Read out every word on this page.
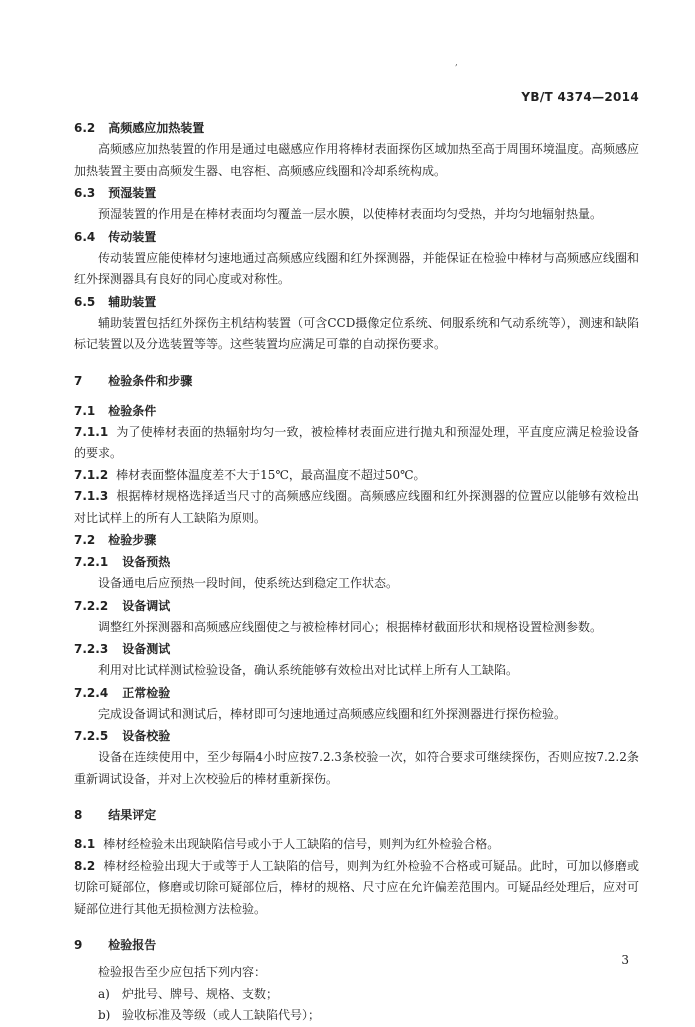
,
YB/T 4374—2014
6.2 高频感应加热装置

高频感应加热装置的作用是通过电磁感应作用将棒材表面探伤区域加热至高于周围环境温度。高频感应加热装置主要由高频发生器、电容柜、高频感应线圈和冷却系统构成。

6.3 预湿装置

预湿装置的作用是在棒材表面均匀覆盖一层水膜，以使棒材表面均匀受热，并均匀地辐射热量。

6.4 传动装置

传动装置应能使棒材匀速地通过高频感应线圈和红外探测器，并能保证在检验中棒材与高频感应线圈和红外探测器具有良好的同心度或对称性。

6.5 辅助装置

辅助装置包括红外探伤主机结构装置（可含CCD摄像定位系统、伺服系统和气动系统等），测速和缺陷标记装置以及分选装置等等。这些装置均应满足可靠的自动探伤要求。

7 检验条件和步骤
7.1 检验条件

7.1.1 为了使棒材表面的热辐射均匀一致，被检棒材表面应进行抛丸和预湿处理，平直度应满足检验设备的要求。

7.1.2 棒材表面整体温度差不大于15℃，最高温度不超过50℃。

7.1.3 根据棒材规格选择适当尺寸的高频感应线圈。高频感应线圈和红外探测器的位置应以能够有效检出对比试样上的所有人工缺陷为原则。

7.2 检验步骤
7.2.1 设备预热

设备通电后应预热一段时间，使系统达到稳定工作状态。

7.2.2 设备调试

调整红外探测器和高频感应线圈使之与被检棒材同心；根据棒材截面形状和规格设置检测参数。

7.2.3 设备测试

利用对比试样测试检验设备，确认系统能够有效检出对比试样上所有人工缺陷。

7.2.4 正常检验

完成设备调试和测试后，棒材即可匀速地通过高频感应线圈和红外探测器进行探伤检验。

7.2.5 设备校验

设备在连续使用中，至少每隔4小时应按7.2.3条校验一次，如符合要求可继续探伤，否则应按7.2.2条重新调试设备，并对上次校验后的棒材重新探伤。

8 结果评定

8.1 棒材经检验未出现缺陷信号或小于人工缺陷的信号，则判为红外检验合格。

8.2 棒材经检验出现大于或等于人工缺陷的信号，则判为红外检验不合格或可疑品。此时，可加以修磨或切除可疑部位，修磨或切除可疑部位后，棒材的规格、尺寸应在允许偏差范围内。可疑品经处理后，应对可疑部位进行其他无损检测方法检验。

9 检验报告

检验报告至少应包括下列内容：

a) 炉批号、牌号、规格、支数；
b) 验收标准及等级（或人工缺陷代号）；
3
